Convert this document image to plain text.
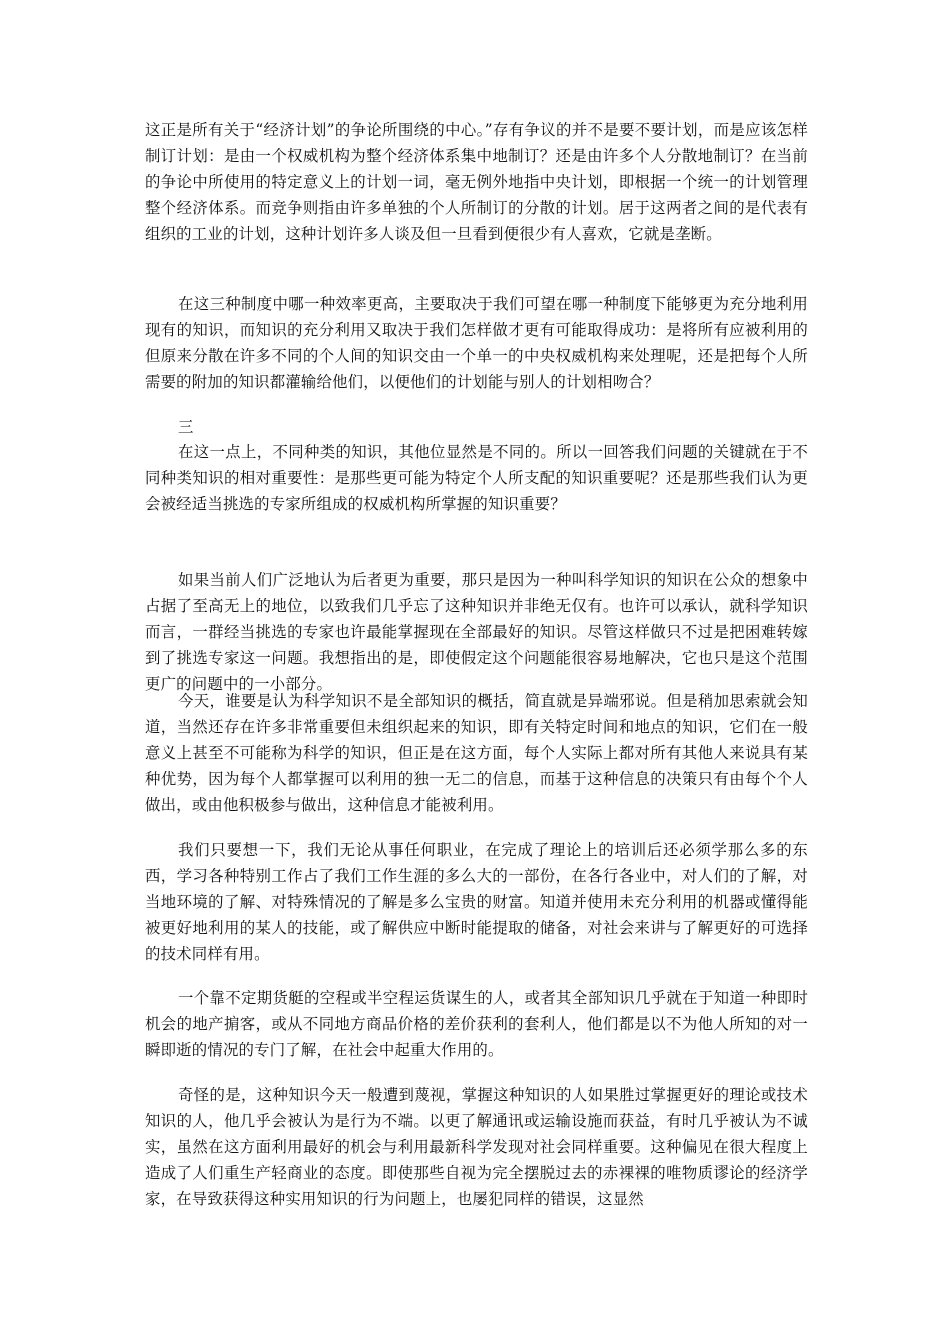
这正是所有关于“经济计划”的争论所围绕的中心。”存有争议的并不是要不要计划，而是应该怎样制订计划：是由一个权威机构为整个经济体系集中地制订？还是由许多个人分散地制订？在当前的争论中所使用的特定意义上的计划一词，毫无例外地指中央计划，即根据一个统一的计划管理整个经济体系。而竞争则指由许多单独的个人所制订的分散的计划。居于这两者之间的是代表有组织的工业的计划，这种计划许多人谈及但一旦看到便很少有人喜欢，它就是垄断。

在这三种制度中哪一种效率更高，主要取决于我们可望在哪一种制度下能够更为充分地利用现有的知识，而知识的充分利用又取决于我们怎样做才更有可能取得成功：是将所有应被利用的但原来分散在许多不同的个人间的知识交由一个单一的中央权威机构来处理呢，还是把每个人所需要的附加的知识都灌输给他们，以便他们的计划能与别人的计划相吻合？

三

在这一点上，不同种类的知识，其他位显然是不同的。所以一回答我们问题的关键就在于不同种类知识的相对重要性：是那些更可能为特定个人所支配的知识重要呢？还是那些我们认为更会被经适当挑选的专家所组成的权威机构所掌握的知识重要？

如果当前人们广泛地认为后者更为重要，那只是因为一种叫科学知识的知识在公众的想象中占据了至高无上的地位，以致我们几乎忘了这种知识并非绝无仅有。也许可以承认，就科学知识而言，一群经当挑选的专家也许最能掌握现在全部最好的知识。尽管这样做只不过是把困难转嫁到了挑选专家这一问题。我想指出的是，即使假定这个问题能很容易地解决，它也只是这个范围更广的问题中的一小部分。

今天，谁要是认为科学知识不是全部知识的概括，简直就是异端邪说。但是稍加思索就会知道，当然还存在许多非常重要但未组织起来的知识，即有关特定时间和地点的知识，它们在一般意义上甚至不可能称为科学的知识，但正是在这方面，每个人实际上都对所有其他人来说具有某种优势，因为每个人都掌握可以利用的独一无二的信息，而基于这种信息的决策只有由每个个人做出，或由他积极参与做出，这种信息才能被利用。

我们只要想一下，我们无论从事任何职业，在完成了理论上的培训后还必须学那么多的东西，学习各种特别工作占了我们工作生涯的多么大的一部份，在各行各业中，对人们的了解，对当地环境的了解、对特殊情况的了解是多么宝贵的财富。知道并使用未充分利用的机器或懂得能被更好地利用的某人的技能，或了解供应中断时能提取的储备，对社会来讲与了解更好的可选择的技术同样有用。

一个靠不定期货艇的空程或半空程运货谋生的人，或者其全部知识几乎就在于知道一种即时机会的地产掮客，或从不同地方商品价格的差价获利的套利人，他们都是以不为他人所知的对一瞬即逝的情况的专门了解，在社会中起重大作用的。

奇怪的是，这种知识今天一般遭到蔑视，掌握这种知识的人如果胜过掌握更好的理论或技术知识的人，他几乎会被认为是行为不端。以更了解通讯或运输设施而获益，有时几乎被认为不诚实，虽然在这方面利用最好的机会与利用最新科学发现对社会同样重要。这种偏见在很大程度上造成了人们重生产轻商业的态度。即使那些自视为完全摆脱过去的赤裸裸的唯物质谬论的经济学家，在导致获得这种实用知识的行为问题上，也屡犯同样的错误，这显然
